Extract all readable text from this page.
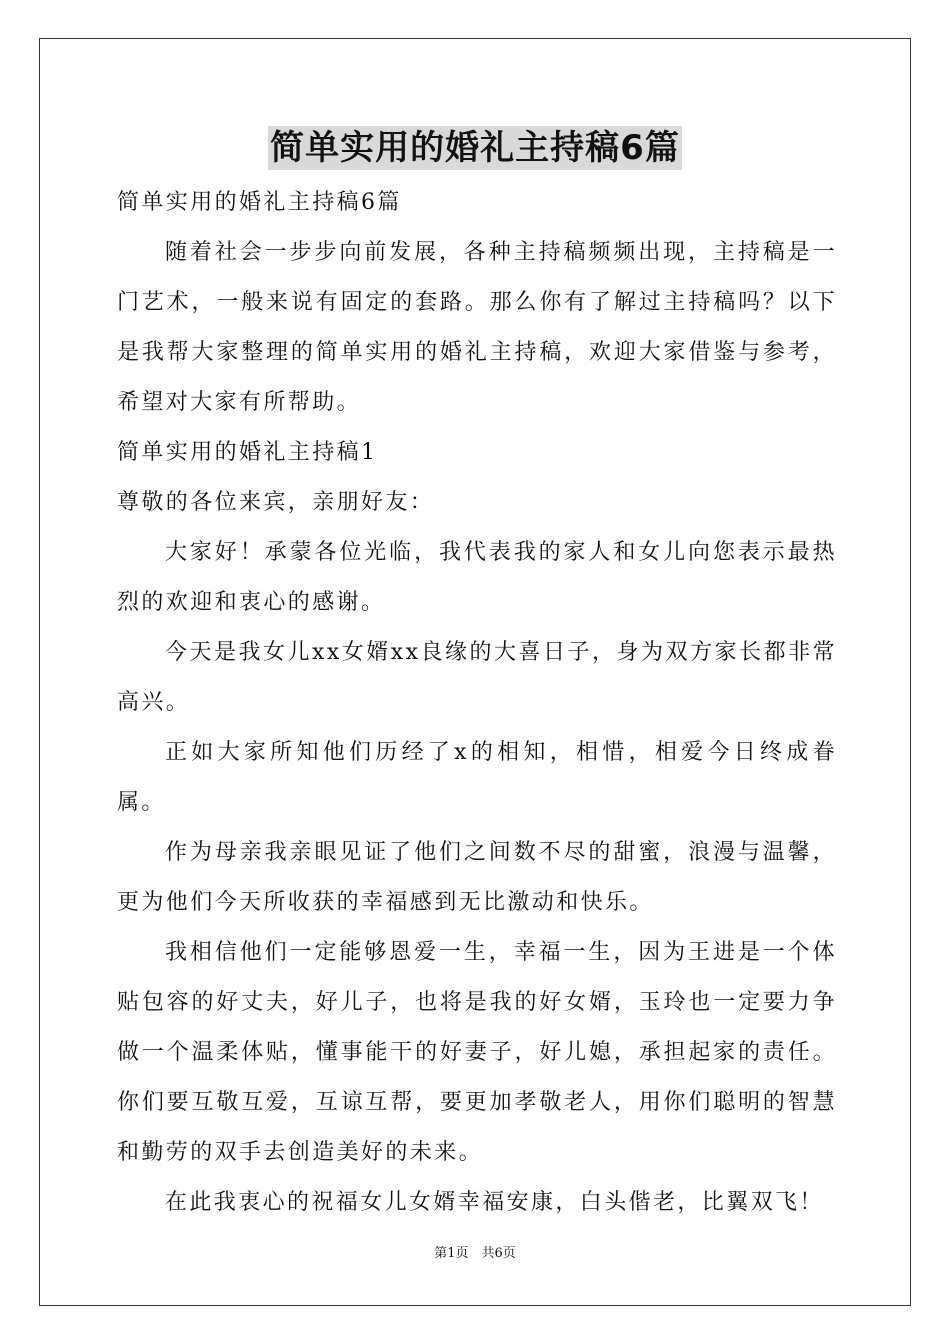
简单实用的婚礼主持稿6篇

简单实用的婚礼主持稿6篇

随着社会一步步向前发展，各种主持稿频频出现，主持稿是一门艺术，一般来说有固定的套路。那么你有了解过主持稿吗？以下是我帮大家整理的简单实用的婚礼主持稿，欢迎大家借鉴与参考，希望对大家有所帮助。

简单实用的婚礼主持稿1

尊敬的各位来宾，亲朋好友：

大家好！承蒙各位光临，我代表我的家人和女儿向您表示最热烈的欢迎和衷心的感谢。

今天是我女儿xx女婿xx良缘的大喜日子，身为双方家长都非常高兴。

正如大家所知他们历经了x的相知，相惜，相爱今日终成眷属。

作为母亲我亲眼见证了他们之间数不尽的甜蜜，浪漫与温馨，更为他们今天所收获的幸福感到无比激动和快乐。

我相信他们一定能够恩爱一生，幸福一生，因为王进是一个体贴包容的好丈夫，好儿子，也将是我的好女婿，玉玲也一定要力争做一个温柔体贴，懂事能干的好妻子，好儿媳，承担起家的责任。你们要互敬互爱，互谅互帮，要更加孝敬老人，用你们聪明的智慧和勤劳的双手去创造美好的未来。

在此我衷心的祝福女儿女婿幸福安康，白头偕老，比翼双飞！

第1页　共6页
